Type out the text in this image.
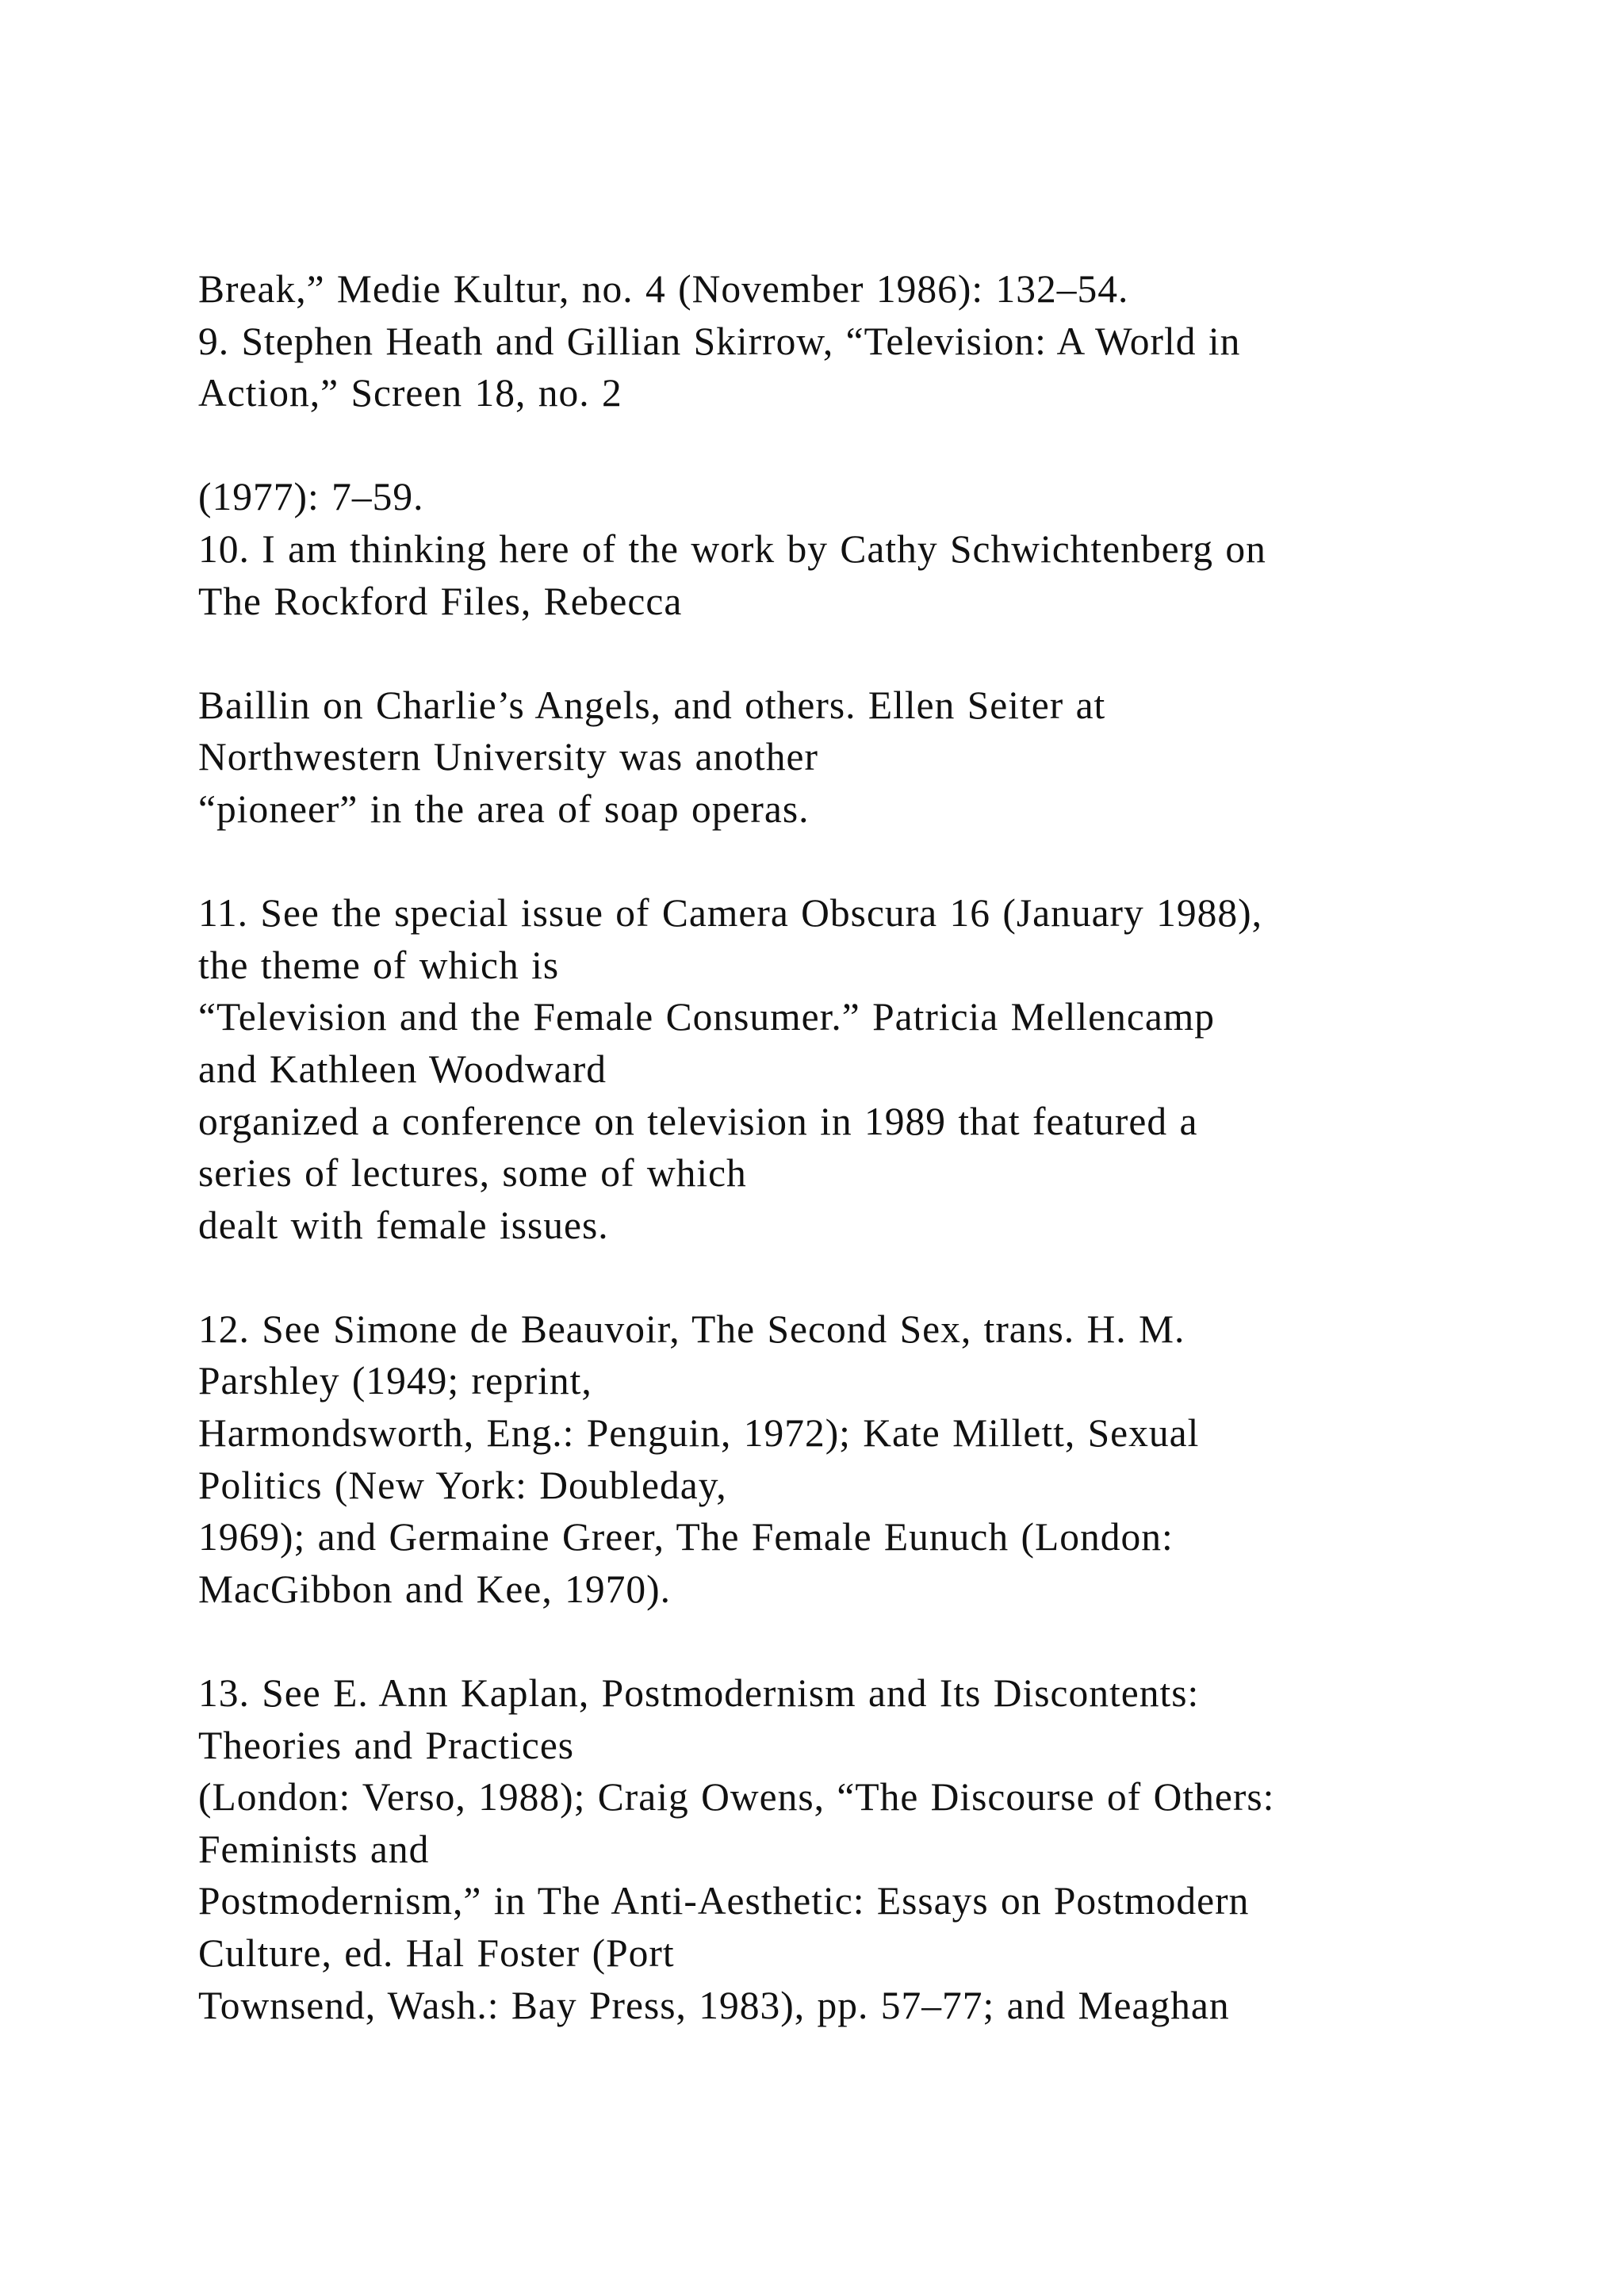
Break,” Medie Kultur, no. 4 (November 1986): 132–54.
9. Stephen Heath and Gillian Skirrow, “Television: A World in
Action,” Screen 18, no. 2
(1977): 7–59.
10. I am thinking here of the work by Cathy Schwichtenberg on
The Rockford Files, Rebecca
Baillin on Charlie’s Angels, and others. Ellen Seiter at
Northwestern University was another
“pioneer” in the area of soap operas.
11. See the special issue of Camera Obscura 16 (January 1988),
the theme of which is
“Television and the Female Consumer.” Patricia Mellencamp
and Kathleen Woodward
organized a conference on television in 1989 that featured a
series of lectures, some of which
dealt with female issues.
12. See Simone de Beauvoir, The Second Sex, trans. H. M.
Parshley (1949; reprint,
Harmondsworth, Eng.: Penguin, 1972); Kate Millett, Sexual
Politics (New York: Doubleday,
1969); and Germaine Greer, The Female Eunuch (London:
MacGibbon and Kee, 1970).
13. See E. Ann Kaplan, Postmodernism and Its Discontents:
Theories and Practices
(London: Verso, 1988); Craig Owens, “The Discourse of Others:
Feminists and
Postmodernism,” in The Anti-Aesthetic: Essays on Postmodern
Culture, ed. Hal Foster (Port
Townsend, Wash.: Bay Press, 1983), pp. 57–77; and Meaghan
